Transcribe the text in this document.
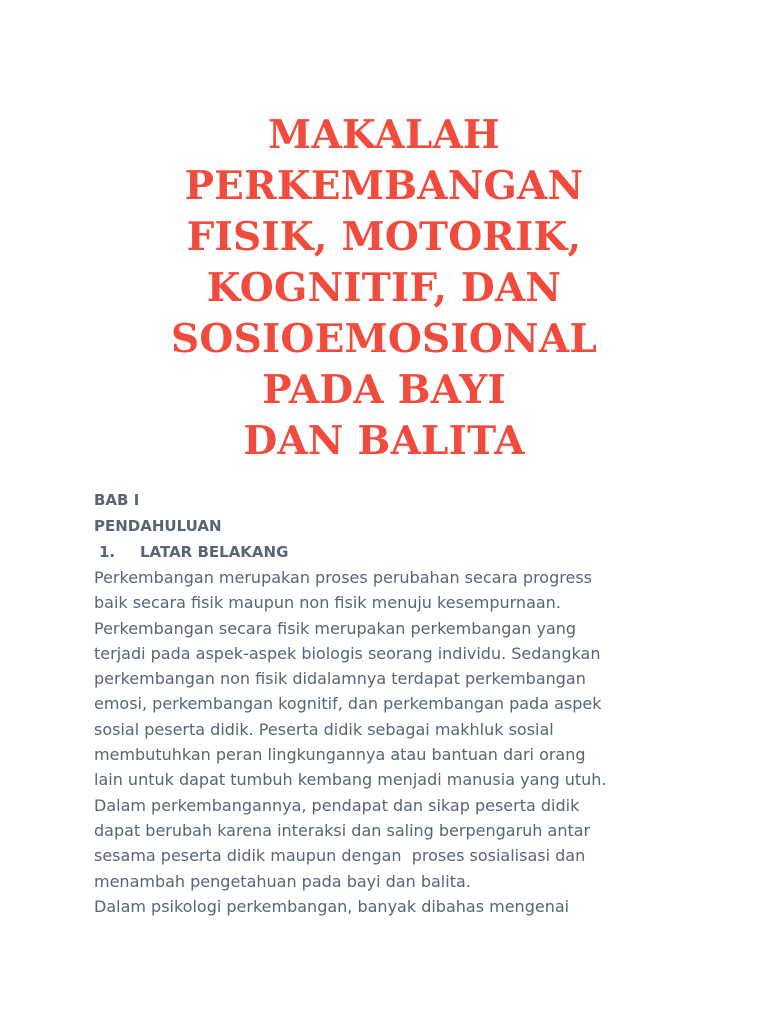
MAKALAH
PERKEMBANGAN
FISIK, MOTORIK,
KOGNITIF, DAN
SOSIOEMOSIONAL
PADA BAYI
DAN BALITA
BAB I
PENDAHULUAN
1. LATAR BELAKANG
Perkembangan merupakan proses perubahan secara progress
baik secara fisik maupun non fisik menuju kesempurnaan.
Perkembangan secara fisik merupakan perkembangan yang
terjadi pada aspek-aspek biologis seorang individu. Sedangkan
perkembangan non fisik didalamnya terdapat perkembangan
emosi, perkembangan kognitif, dan perkembangan pada aspek
sosial peserta didik. Peserta didik sebagai makhluk sosial
membutuhkan peran lingkungannya atau bantuan dari orang
lain untuk dapat tumbuh kembang menjadi manusia yang utuh.
Dalam perkembangannya, pendapat dan sikap peserta didik
dapat berubah karena interaksi dan saling berpengaruh antar
sesama peserta didik maupun dengan  proses sosialisasi dan
menambah pengetahuan pada bayi dan balita.
Dalam psikologi perkembangan, banyak dibahas mengenai
